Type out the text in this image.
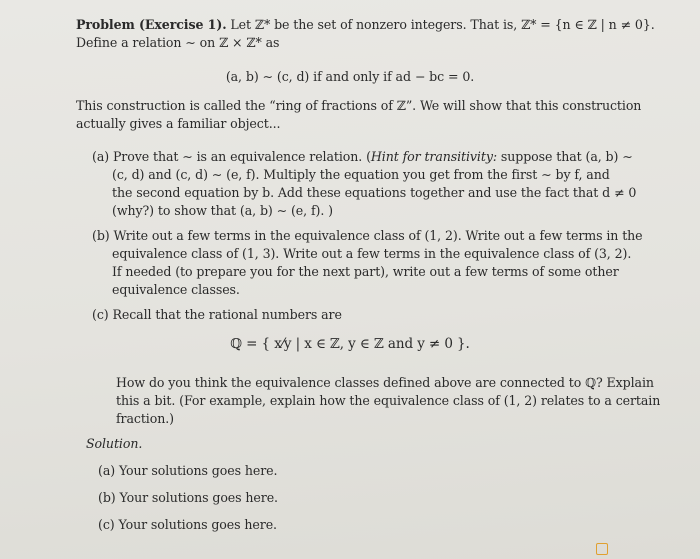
Problem (Exercise 1). Let ℤ* be the set of nonzero integers. That is, ℤ* = {n ∈ ℤ | n ≠ 0}.
Define a relation ∼ on ℤ × ℤ* as
(a, b) ∼ (c, d) if and only if ad − bc = 0.
This construction is called the “ring of fractions of ℤ”. We will show that this construction
actually gives a familiar object...
(a) Prove that ∼ is an equivalence relation. (Hint for transitivity: suppose that (a, b) ∼
(c, d) and (c, d) ∼ (e, f). Multiply the equation you get from the first ∼ by f, and
the second equation by b. Add these equations together and use the fact that d ≠ 0
(why?) to show that (a, b) ∼ (e, f). )
(b) Write out a few terms in the equivalence class of (1, 2). Write out a few terms in the
equivalence class of (1, 3). Write out a few terms in the equivalence class of (3, 2).
If needed (to prepare you for the next part), write out a few terms of some other
equivalence classes.
(c) Recall that the rational numbers are
ℚ = { x⁄y | x ∈ ℤ, y ∈ ℤ and y ≠ 0 }.
How do you think the equivalence classes defined above are connected to ℚ? Explain
this a bit. (For example, explain how the equivalence class of (1, 2) relates to a certain
fraction.)
Solution.
(a) Your solutions goes here.
(b) Your solutions goes here.
(c) Your solutions goes here.
